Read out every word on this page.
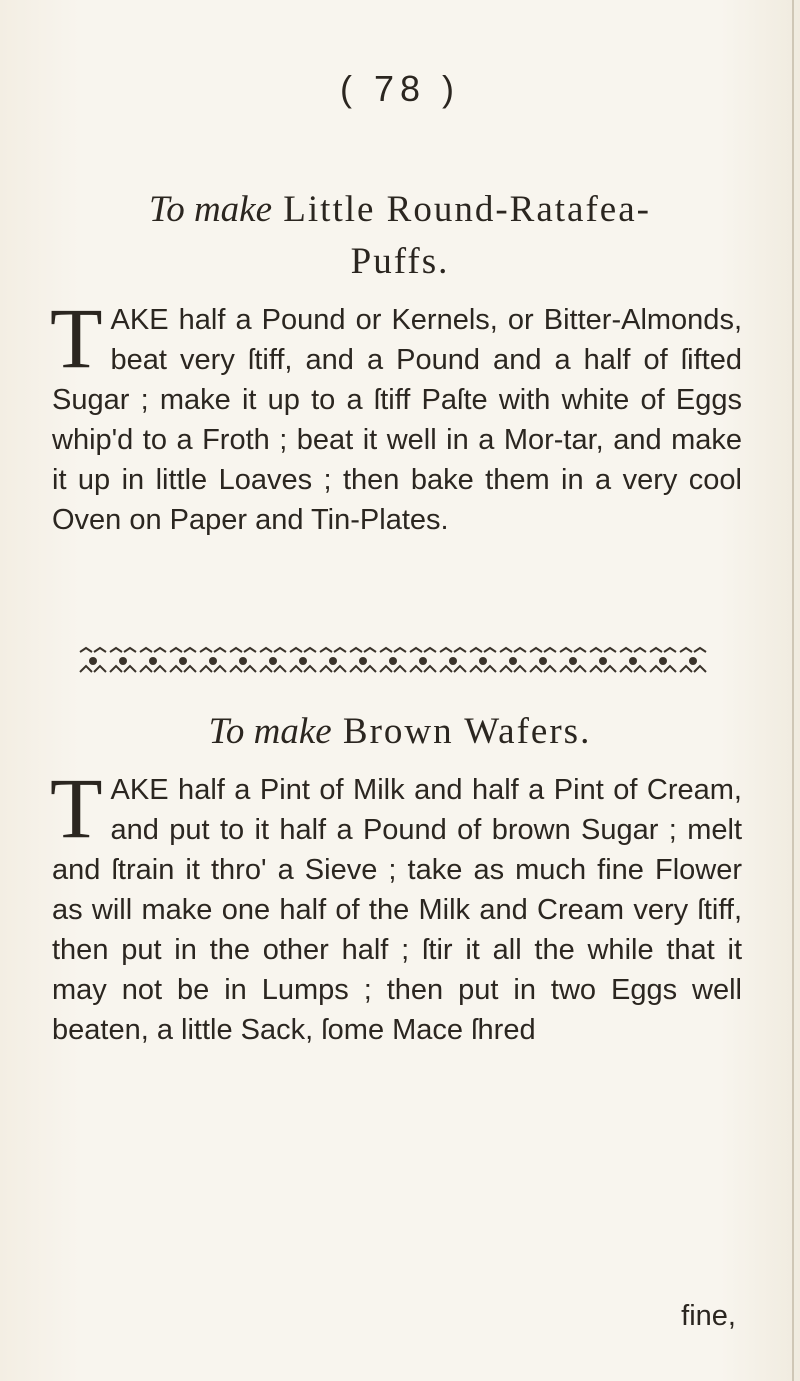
( 78 )
To make Little Round-Ratafea-
Puffs.
TAKE half a Pound or Kernels, or Bitter-Almonds, beat very ſtiff, and a Pound and a half of ſifted Sugar ; make it up to a ſtiff Paſte with white of Eggs whip'd to a Froth ; beat it well in a Mor-tar, and make it up in little Loaves ; then bake them in a very cool Oven on Paper and Tin-Plates.
To make Brown Wafers.
TAKE half a Pint of Milk and half a Pint of Cream, and put to it half a Pound of brown Sugar ; melt and ſtrain it thro' a Sieve ; take as much fine Flower as will make one half of the Milk and Cream very ſtiff, then put in the other half ; ſtir it all the while that it may not be in Lumps ; then put in two Eggs well beaten, a little Sack, ſome Mace ſhred
fine,
